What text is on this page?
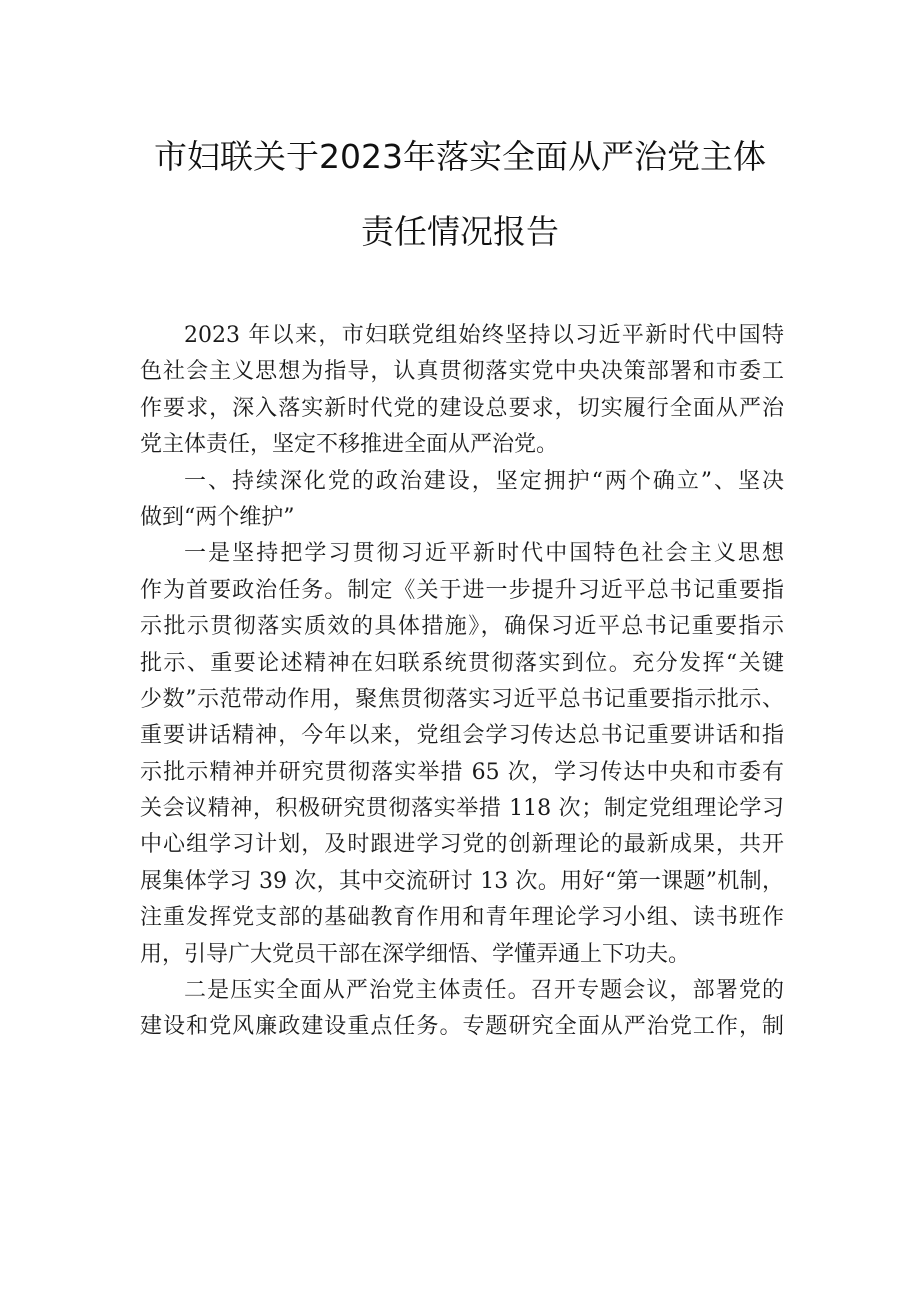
市妇联关于2023年落实全面从严治党主体
责任情况报告
2023 年以来，市妇联党组始终坚持以习近平新时代中国特
色社会主义思想为指导，认真贯彻落实党中央决策部署和市委工
作要求，深入落实新时代党的建设总要求，切实履行全面从严治
党主体责任，坚定不移推进全面从严治党。
一、持续深化党的政治建设，坚定拥护“两个确立”、坚决
做到“两个维护”
一是坚持把学习贯彻习近平新时代中国特色社会主义思想
作为首要政治任务。制定《关于进一步提升习近平总书记重要指
示批示贯彻落实质效的具体措施》，确保习近平总书记重要指示
批示、重要论述精神在妇联系统贯彻落实到位。充分发挥“关键
少数”示范带动作用，聚焦贯彻落实习近平总书记重要指示批示、
重要讲话精神，今年以来，党组会学习传达总书记重要讲话和指
示批示精神并研究贯彻落实举措 65 次，学习传达中央和市委有
关会议精神，积极研究贯彻落实举措 118 次；制定党组理论学习
中心组学习计划，及时跟进学习党的创新理论的最新成果，共开
展集体学习 39 次，其中交流研讨 13 次。用好“第一课题”机制，
注重发挥党支部的基础教育作用和青年理论学习小组、读书班作
用，引导广大党员干部在深学细悟、学懂弄通上下功夫。
二是压实全面从严治党主体责任。召开专题会议，部署党的
建设和党风廉政建设重点任务。专题研究全面从严治党工作，制
